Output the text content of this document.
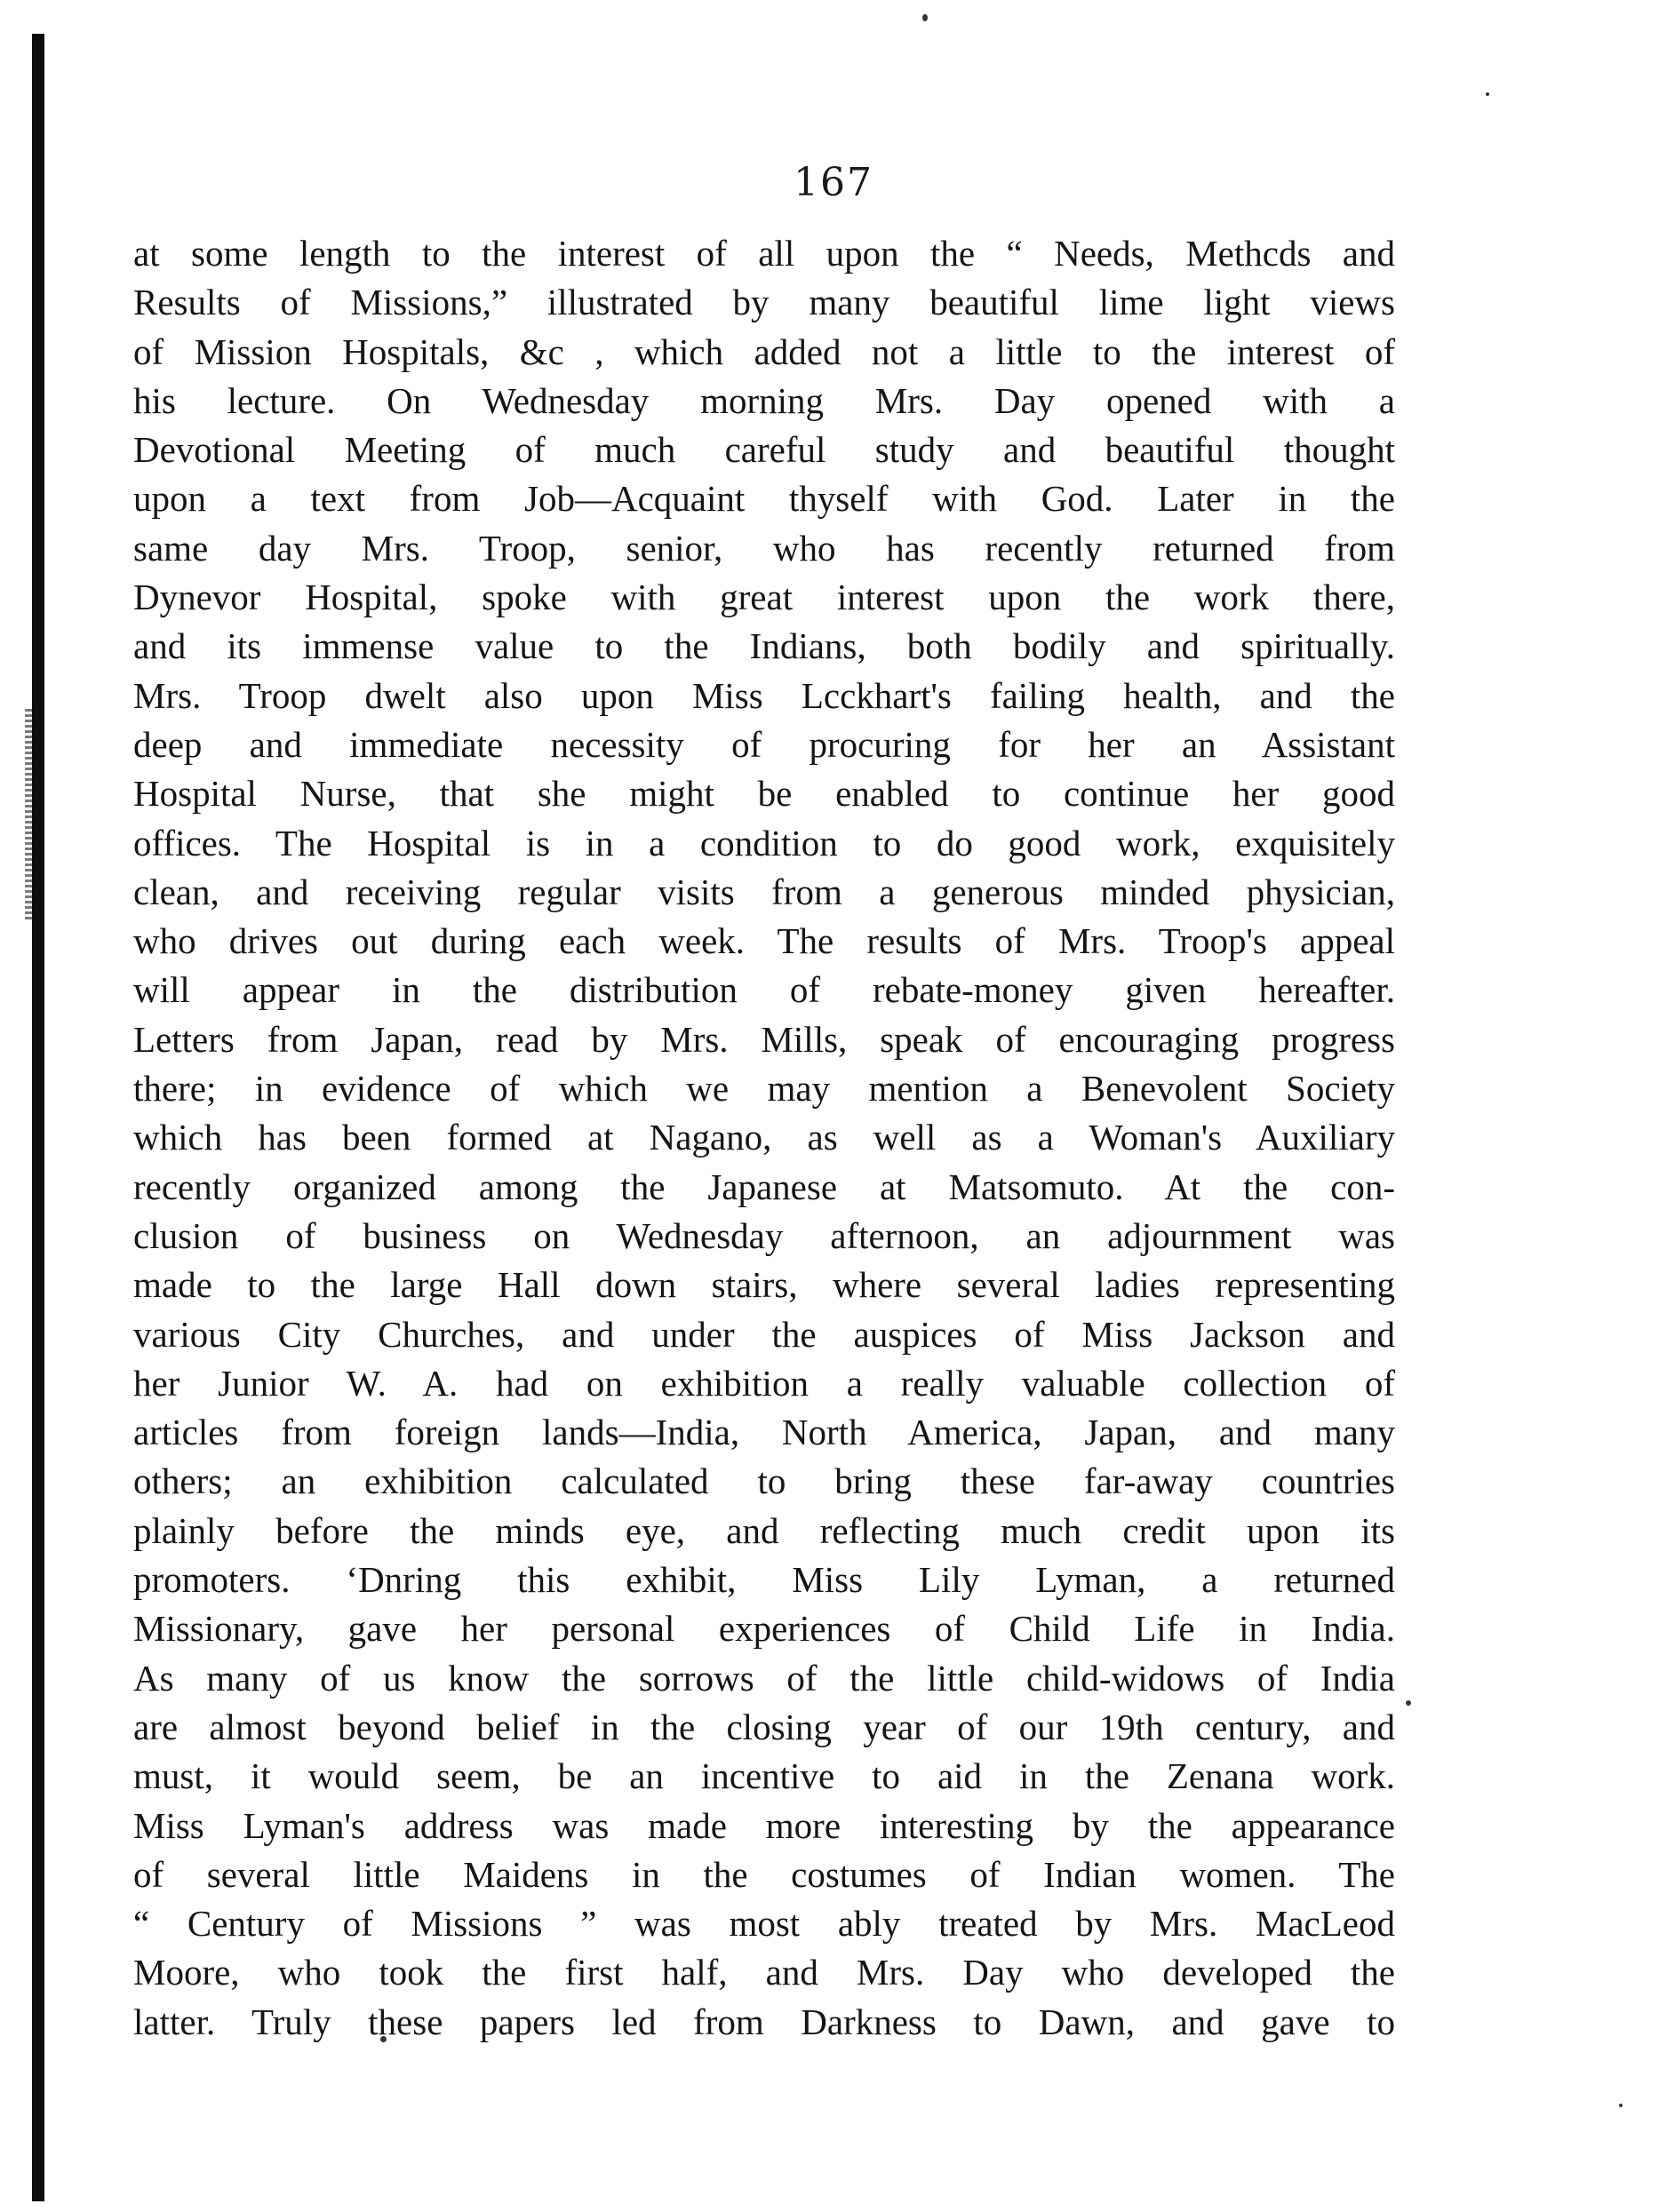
167
at some length to the interest of all upon the “ Needs, Methcds and
Results of Missions,” illustrated by many beautiful lime light views
of Mission Hospitals, &c , which added not a little to the interest of
his lecture. On Wednesday morning Mrs. Day opened with a
Devotional Meeting of much careful study and beautiful thought
upon a text from Job—Acquaint thyself with God. Later in the
same day Mrs. Troop, senior, who has recently returned from
Dynevor Hospital, spoke with great interest upon the work there,
and its immense value to the Indians, both bodily and spiritually.
Mrs. Troop dwelt also upon Miss Lcckhart's failing health, and the
deep and immediate necessity of procuring for her an Assistant
Hospital Nurse, that she might be enabled to continue her good
offices. The Hospital is in a condition to do good work, exquisitely
clean, and receiving regular visits from a generous minded physician,
who drives out during each week. The results of Mrs. Troop's appeal
will appear in the distribution of rebate-money given hereafter.
Letters from Japan, read by Mrs. Mills, speak of encouraging progress
there; in evidence of which we may mention a Benevolent Society
which has been formed at Nagano, as well as a Woman's Auxiliary
recently organized among the Japanese at Matsomuto. At the con-
clusion of business on Wednesday afternoon, an adjournment was
made to the large Hall down stairs, where several ladies representing
various City Churches, and under the auspices of Miss Jackson and
her Junior W. A. had on exhibition a really valuable collection of
articles from foreign lands—India, North America, Japan, and many
others; an exhibition calculated to bring these far-away countries
plainly before the minds eye, and reflecting much credit upon its
promoters. ‘Dnring this exhibit, Miss Lily Lyman, a returned
Missionary, gave her personal experiences of Child Life in India.
As many of us know the sorrows of the little child-widows of India
are almost beyond belief in the closing year of our 19th century, and
must, it would seem, be an incentive to aid in the Zenana work.
Miss Lyman's address was made more interesting by the appearance
of several little Maidens in the costumes of Indian women. The
“ Century of Missions ” was most ably treated by Mrs. MacLeod
Moore, who took the first half, and Mrs. Day who developed the
latter. Truly these papers led from Darkness to Dawn, and gave to
